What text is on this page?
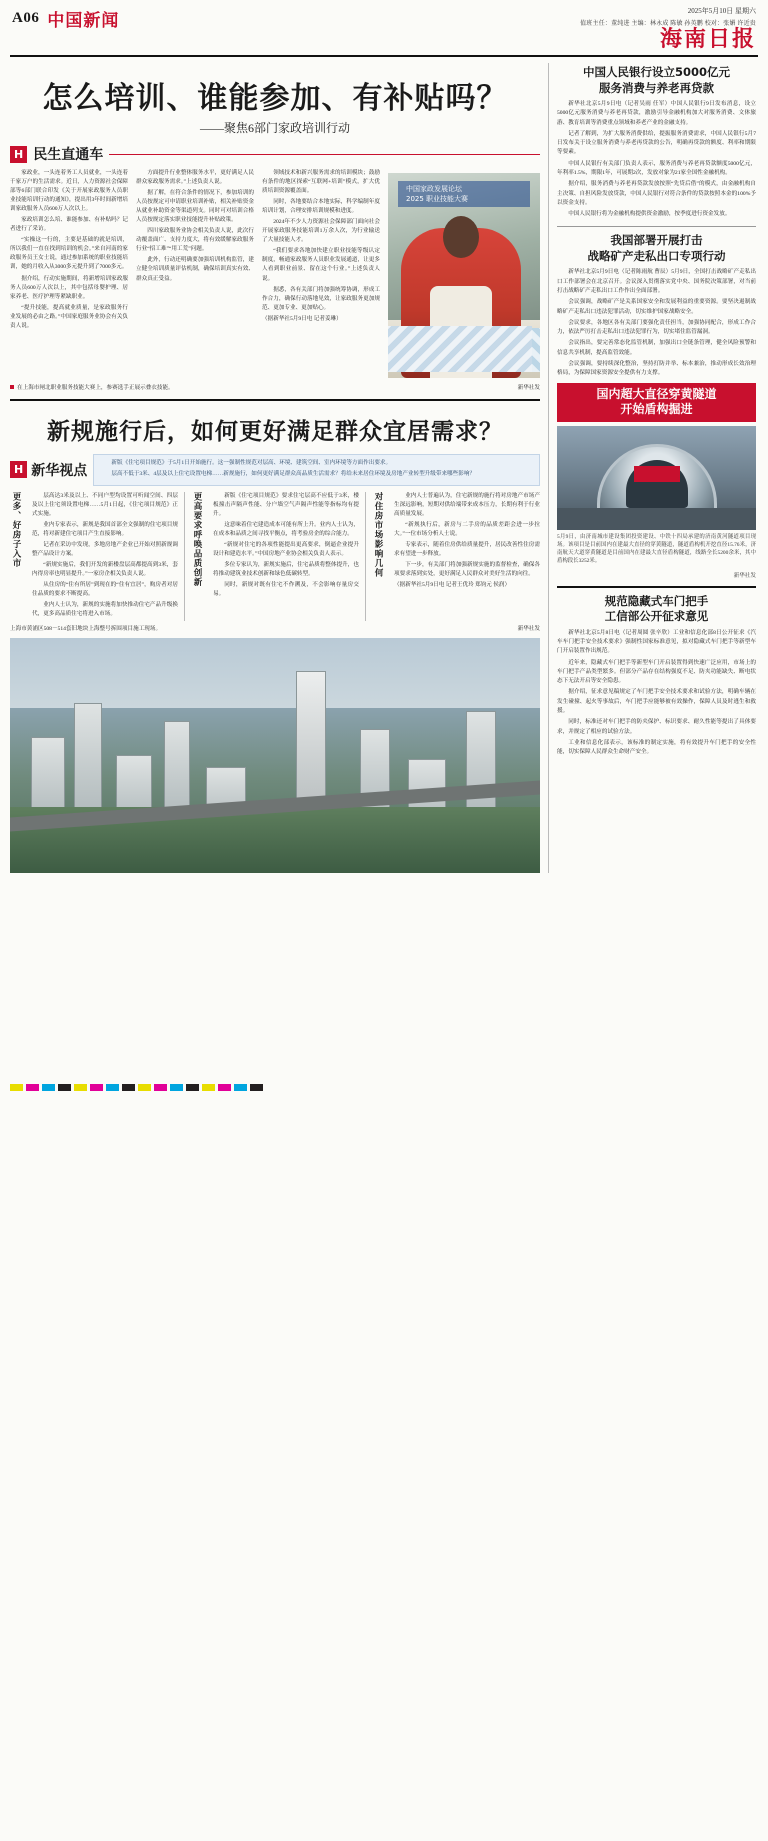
A06 中国新闻	2025年5月10日 星期六
值班主任：董纯进 主编：林永成 陈敏 孙英鹏 校对：张媚 许近贵
海南日报
怎么培训、谁能参加、有补贴吗？
——聚焦6部门家政培训行动
H 民生直通车

家政业，一头连着务工人员就业，一头连着千家万户的生活需求。近日，人力资源社会保障部等6部门联合印发《关于开展家政服务人员职业技能培训行动的通知》，提出用3年时间新增培训家政服务人员600万人次以上。

家政培训怎么培、谁能参加、有补贴吗？记者进行了采访。

“实操这一行的，主要是基础的就是培训，所以我们一直在找到培训的机会。”来自河南的家政服务员王女士说，通过参加系统的职业技能培训，她的月收入从3000多元提升到了7000多元。

据介绍，行动实施期间，将新增培训家政服务人员600万人次以上，其中包括母婴护理、居家养老、医疗护理等紧缺职业。

“提升技能，提高就业质量，是家政服务行业发展的必由之路。”中国家庭服务业协会有关负责人说。

方面提升行业整体服务水平，更好满足人民群众家政服务需求。”上述负责人说。

据了解，在符合条件的情况下，参加培训的人员按规定可申请职业培训补贴，相关补贴资金从就业补助资金等渠道列支。同时可对培训合格人员按规定落实职业技能提升补贴政策。

四川家政服务业协会相关负责人说，此次行动覆盖面广、支持力度大，将有效缓解家政服务行业“招工难”“用工荒”问题。

此外，行动还明确要加强培训机构监管，建立健全培训质量评估机制，确保培训真实有效、群众真正受益。

领域技术和新兴服务需求的培训模块；鼓励有条件的地区探索“互联网+培训”模式，扩大优质培训资源覆盖面。

同时，各地要结合本地实际，科学编制年度培训计划，合理安排培训规模和进度。

2024年不少人力资源社会保障部门面向社会开展家政服务技能培训1万余人次，为行业输送了大量技能人才。

“我们要求各地加快建立职业技能等级认定制度，畅通家政服务人员职业发展通道，让更多人看到职业前景、留在这个行业。”上述负责人说。

据悉，各有关部门将加强统筹协调，形成工作合力，确保行动落地见效，让家政服务更加规范、更加专业、更加贴心。

（据新华社5月9日电 记者姜琳）

中国家政发展论坛
2025 职业技能大赛
在上海市闸北职业服务技能大赛上，参赛选手正展示叠衣技能。	新华社发
新规施行后，如何更好满足群众宜居需求？
H 新华视点	新版《住宅项目规范》于5月1日开始施行。这一强制性规范对层高、环境、建筑空间、室内环境等方面作出要求。

层高不低于3米、4层及以上住宅设置电梯……新规施行，如何更好满足群众高品质生活需求？将给未来居住环境及房地产业转型升级带来哪些影响？

更多、好房子入市	层高达3米及以上、不同户型均设置可听闻空间、四层及以上住宅须设置电梯……5月1日起，《住宅项目规范》正式实施。

业内专家表示，新规是我国首部全文强制的住宅项目规范，将对新建住宅项目产生直接影响。

记者在采访中发现，多地房地产企业已开始对照新规调整产品设计方案。

“新规实施后，我们开发的新楼盘层高都提高到3米，套内得房率也明显提升。”一家房企相关负责人说。

从住房的“住有所居”到现在的“住有宜居”，购房者对居住品质的要求不断提高。

业内人士认为，新规的实施将加快推动住宅产品升级换代，更多高品质住宅将进入市场。

更高要求呼唤品质创新	新版《住宅项目规范》要求住宅层高不应低于3米，楼板撞击声隔声性能、分户墙空气声隔声性能等指标均有提升。

这意味着住宅建造成本可能有所上升。业内人士认为，在成本和品质之间寻找平衡点，将考验房企的综合能力。

“新规对住宅的各项性能提出更高要求，倒逼企业提升设计和建造水平。”中国房地产业协会相关负责人表示。

多位专家认为，新规实施后，住宅品质将整体提升，也将推动建筑业技术创新和绿色低碳转型。

同时，新规对既有住宅不作溯及，不会影响存量房交易。

对住房市场影响几何	业内人士普遍认为，住宅新规的施行将对房地产市场产生深远影响，短期对供给端带来成本压力，长期有利于行业高质量发展。

“新规执行后，新房与二手房的品质差距会进一步拉大。”一位市场分析人士说。

专家表示，随着住房供给质量提升，居民改善性住房需求有望进一步释放。

下一步，有关部门将加强新规实施的监督检查，确保各项要求落到实处，更好满足人民群众对美好生活的向往。

（据新华社5月9日电 记者王优玲 郑钧元 侯润）

上海市黄浦区508－514套旧地块上海整号拆围项目施工现场。	新华社发
中国人民银行设立5000亿元
服务消费与养老再贷款

新华社北京5月9日电（记者吴雨 任军）中国人民银行9日发布消息，设立5000亿元服务消费与养老再贷款，激励引导金融机构加大对服务消费、文体旅游、教育培训等消费重点领域和养老产业的金融支持。

记者了解到，为扩大服务消费供给，提振服务消费需求，中国人民银行5月7日发布关于设立服务消费与养老再贷款的公告，明确再贷款的额度、利率和期限等要素。

中国人民银行有关部门负责人表示，服务消费与养老再贷款额度5000亿元，年利率1.5%，期限1年，可展期2次，发放对象为21家全国性金融机构。

据介绍，服务消费与养老再贷款发放按照“先贷后借”的模式，由金融机构自主决策、自担风险发放贷款，中国人民银行对符合条件的贷款按照本金的100%予以资金支持。

中国人民银行将为金融机构提供资金激励，按季度进行资金发放。

我国部署开展打击
战略矿产走私出口专项行动

新华社北京5月9日电（记者陈雨航 曹辰）5月9日，全国打击战略矿产走私出口工作部署会在北京召开。会议深入贯彻落实党中央、国务院决策部署，对当前打击战略矿产走私出口工作作出全面部署。

会议强调，战略矿产是关系国家安全和发展利益的重要资源。要坚决遏制战略矿产走私出口违法犯罪活动，切实维护国家战略安全。

会议要求，各地区各有关部门要强化责任担当，加强协同配合，形成工作合力，依法严厉打击走私出口违法犯罪行为，切实堵住监管漏洞。

会议指出，要完善常态化监管机制，加强出口全链条管理，健全风险预警和信息共享机制，提高监管效能。

会议强调，要持续深化整治，坚持打防并举、标本兼治，推动形成长效治理格局，为保障国家资源安全提供有力支撑。

国内超大直径穿黄隧道
开始盾构掘进

5月9日，由济南城市建设集团投资建设、中铁十四局承建的济南黄河隧道项目现场。该项目是目前国内在建最大直径的穿黄隧道，隧道盾构机开挖直径15.76米，济南航天大道穿黄隧道是目前国内在建最大直径盾构隧道，线路全长5200余米，其中盾构段长3252米。

新华社发

规范隐藏式车门把手
工信部公开征求意见

新华社北京5月8日电（记者周圆 张辛欣）工业和信息化部8日公开征求《汽车车门把手安全技术要求》强制性国家标准意见，拟对隐藏式车门把手等新型车门开启装置作出规范。

近年来，隐藏式车门把手等新型车门开启装置得到快速广泛应用，市场上的车门把手产品类型繁多。但部分产品存在结构强度不足、防夹功能缺失、断电状态下无法开启等安全隐患。

据介绍，征求意见稿规定了车门把手安全技术要求和试验方法，明确车辆在发生碰撞、起火等事故后，车门把手应能够被有效操作，保障人员及时逃生和救援。

同时，标准还对车门把手的防夹保护、标识要求、耐久性能等提出了具体要求，并规定了相应的试验方法。

工业和信息化部表示，该标准的制定实施，将有效提升车门把手的安全性能，切实保障人民群众生命财产安全。
